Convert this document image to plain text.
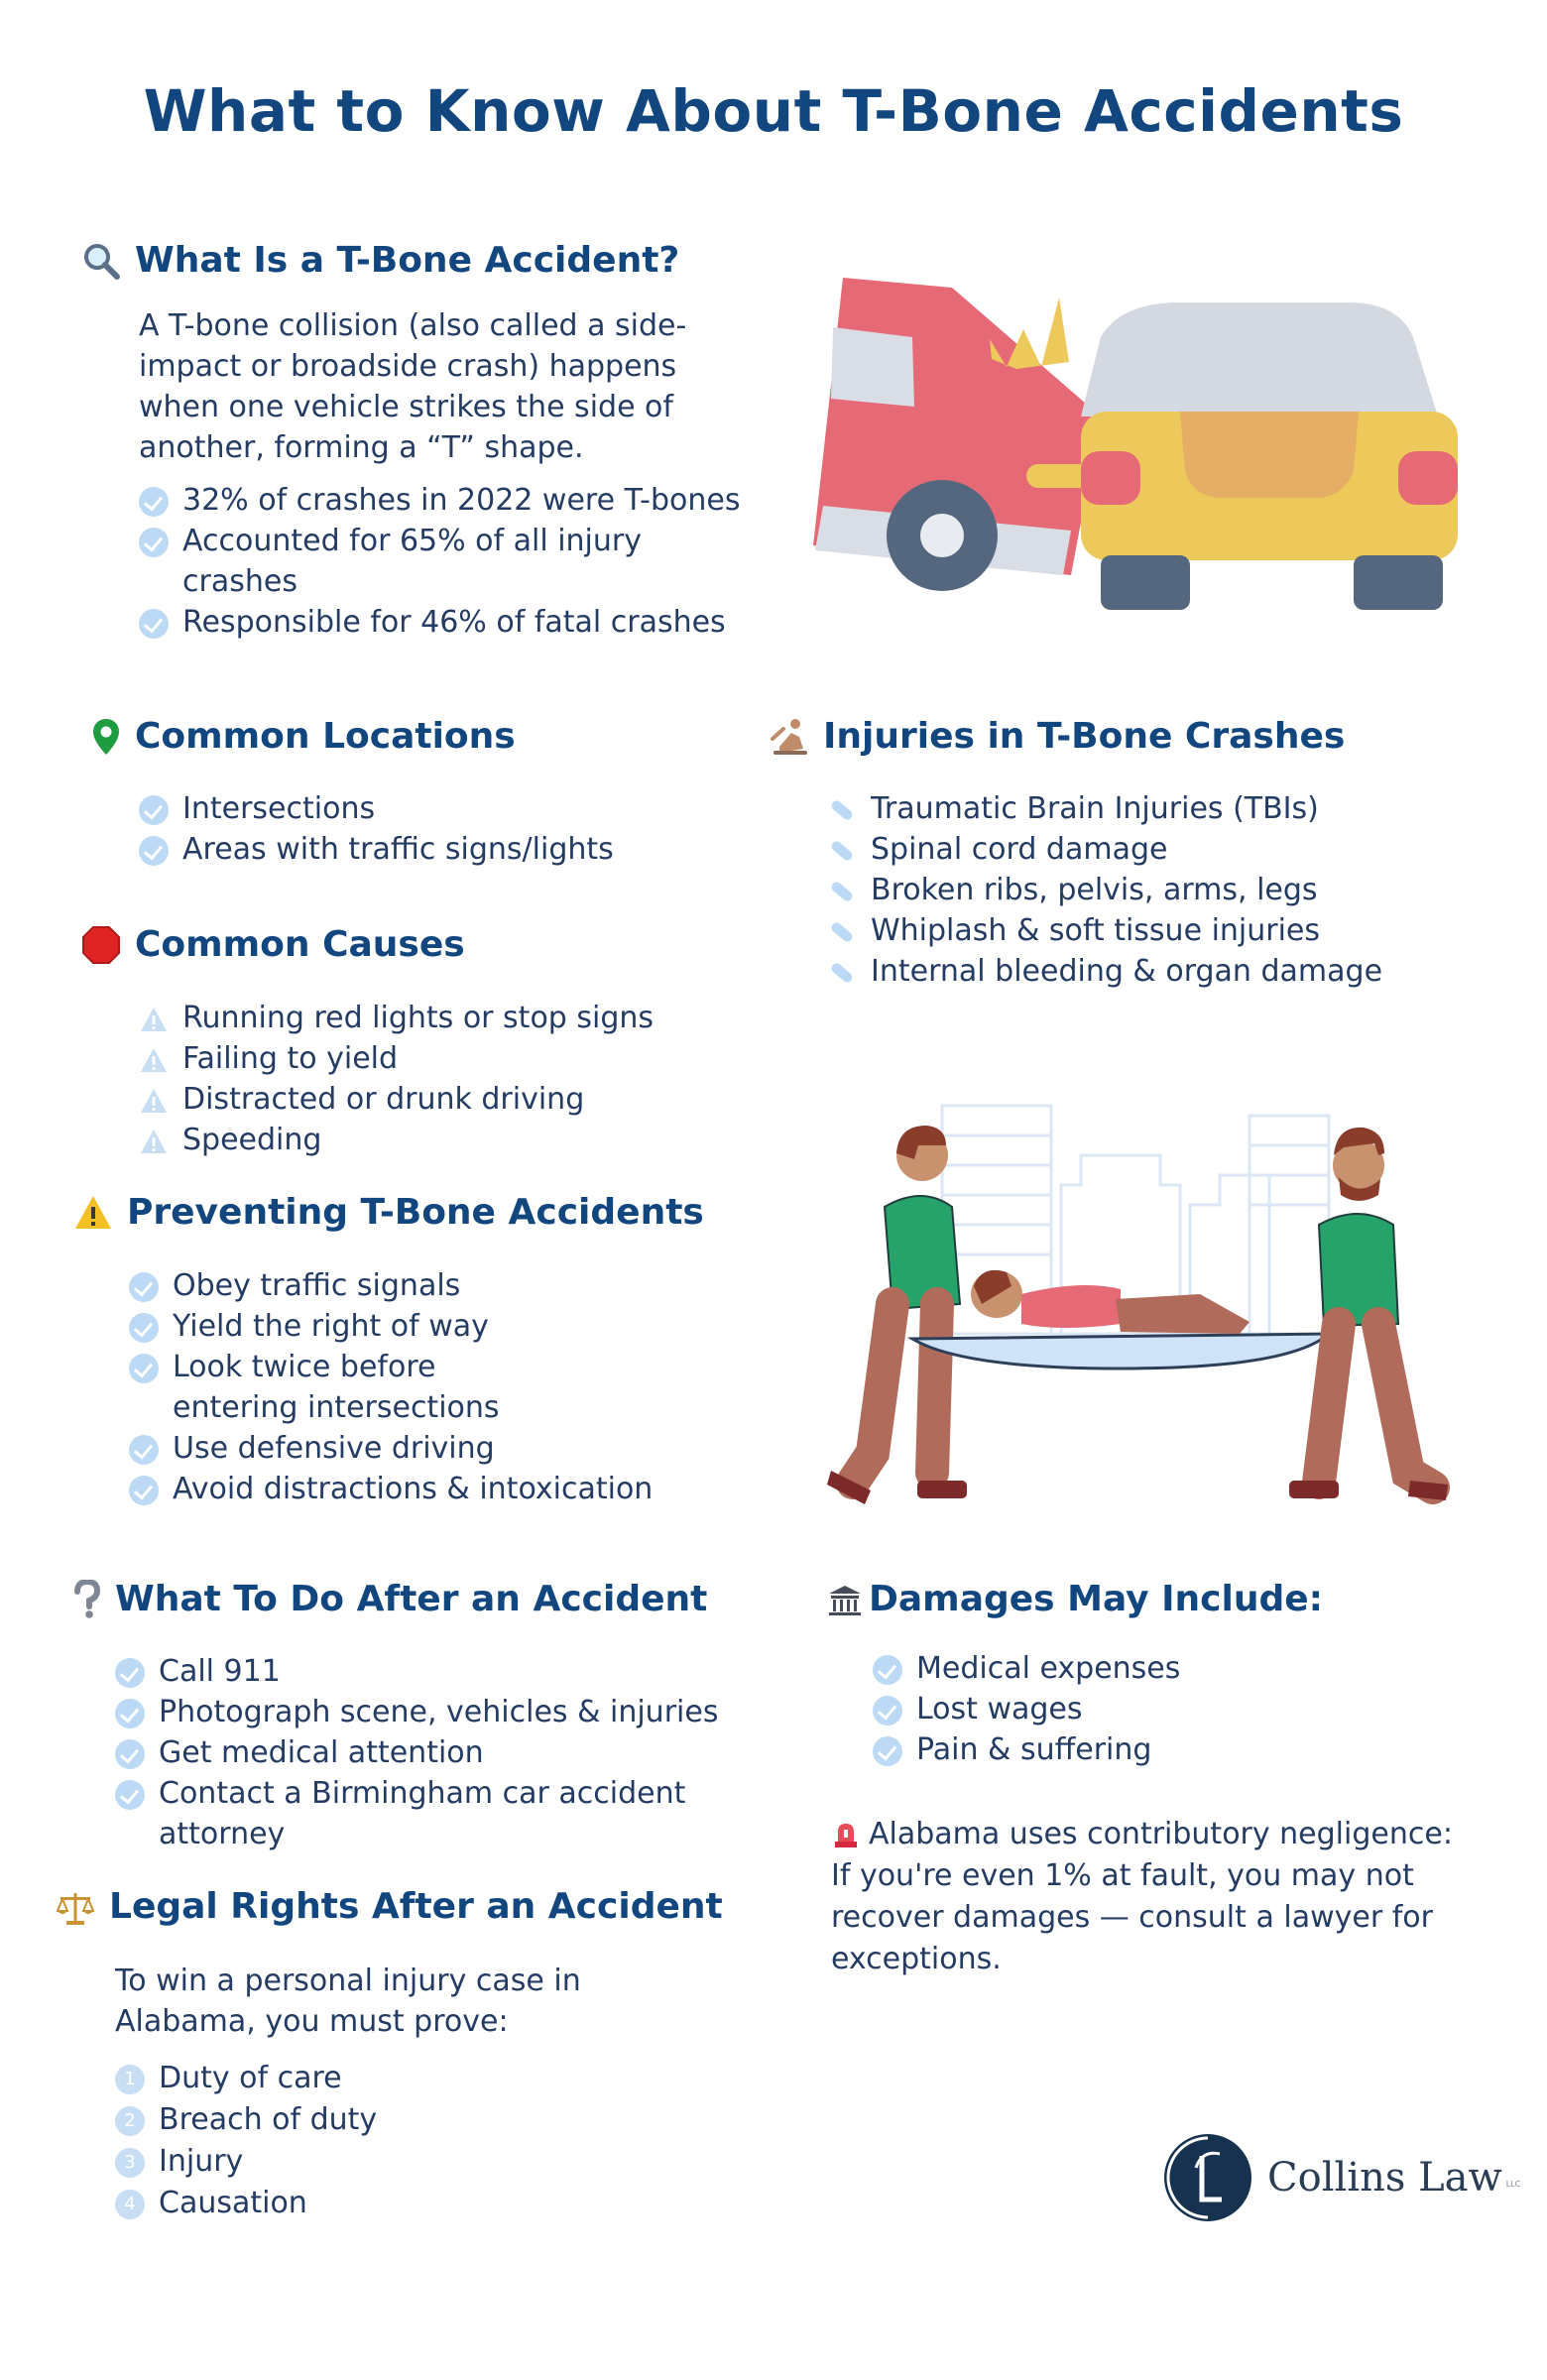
What to Know About T-Bone Accidents
What Is a T-Bone Accident?
A T-bone collision (also called a side-impact or broadside crash) happens when one vehicle strikes the side of another, forming a “T” shape.
32% of crashes in 2022 were T-bones
Accounted for 65% of all injury crashes
Responsible for 46% of fatal crashes
Common Locations
Intersections
Areas with traffic signs/lights
Injuries in T-Bone Crashes
Traumatic Brain Injuries (TBIs)
Spinal cord damage
Broken ribs, pelvis, arms, legs
Whiplash & soft tissue injuries
Internal bleeding & organ damage
Common Causes
Running red lights or stop signs
Failing to yield
Distracted or drunk driving
Speeding
Preventing T-Bone Accidents
Obey traffic signals
Yield the right of way
Look twice before entering intersections
Use defensive driving
Avoid distractions & intoxication
What To Do After an Accident
Call 911
Photograph scene, vehicles & injuries
Get medical attention
Contact a Birmingham car accident attorney
Damages May Include:
Medical expenses
Lost wages
Pain & suffering
Alabama uses contributory negligence: If you're even 1% at fault, you may not recover damages — consult a lawyer for exceptions.
Legal Rights After an Accident
To win a personal injury case in Alabama, you must prove:
1 Duty of care
2 Breach of duty
3 Injury
4 Causation
Collins Law LLC
